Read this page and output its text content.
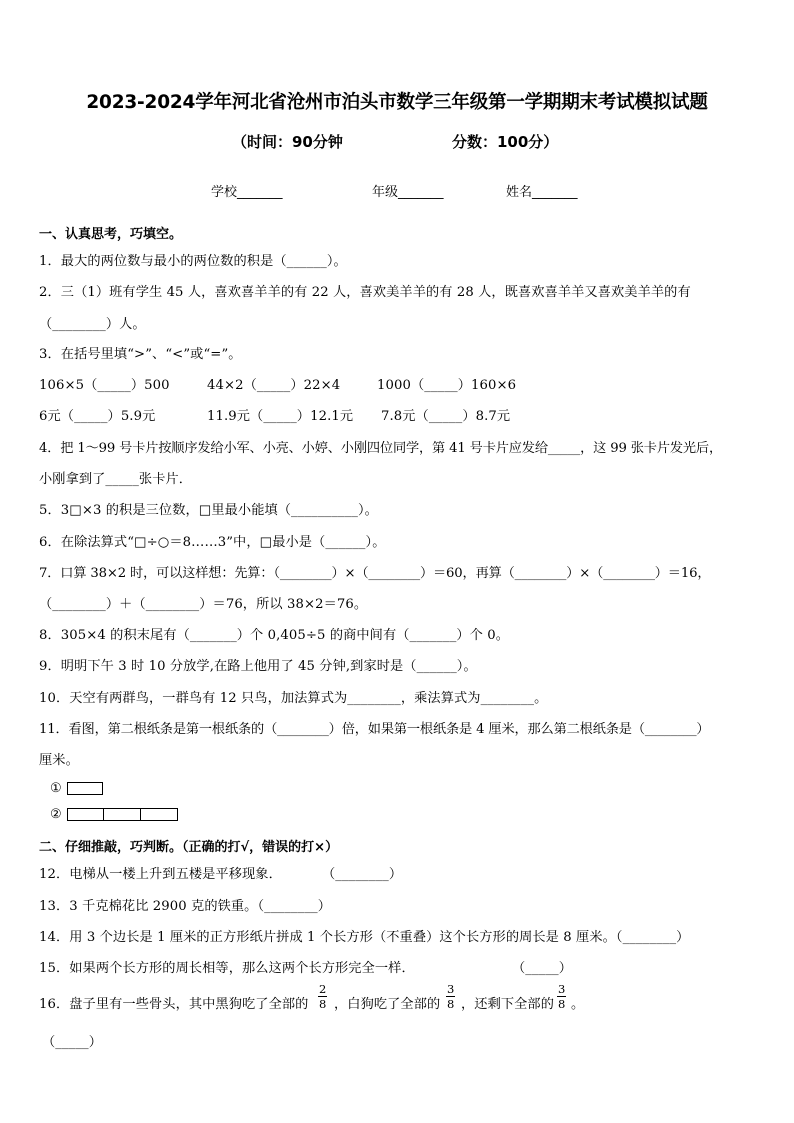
2023-2024学年河北省沧州市泊头市数学三年级第一学期期末考试模拟试题
（时间：90分钟	分数：100分）
学校_______	年级_______	姓名_______
一、认真思考，巧填空。
1．最大的两位数与最小的两位数的积是（______）。
2．三（1）班有学生 45 人，喜欢喜羊羊的有 22 人，喜欢美羊羊的有 28 人，既喜欢喜羊羊又喜欢美羊羊的有
（________）人。
3．在括号里填“>”、“<”或“=”。
106×5（_____）500	44×2（_____）22×4	1000（_____）160×6
6元（_____）5.9元	11.9元（_____）12.1元 7.8元（_____）8.7元
4．把 1～99 号卡片按顺序发给小军、小亮、小婷、小刚四位同学，第 41 号卡片应发给_____，这 99 张卡片发光后，
小刚拿到了_____张卡片．
5．3□×3 的积是三位数，□里最小能填（__________）。
6．在除法算式“□÷○＝8……3”中，□最小是（______）。
7．口算 38×2 时，可以这样想：先算：（________）×（________）＝60，再算（________）×（________）＝16，
（________）＋（________）＝76，所以 38×2＝76。
8．305×4 的积末尾有（_______）个 0,405÷5 的商中间有（_______）个 0。
9．明明下午 3 时 10 分放学,在路上他用了 45 分钟,到家时是（______）。
10．天空有两群鸟，一群鸟有 12 只鸟，加法算式为________，乘法算式为________。
11．看图，第二根纸条是第一根纸条的（________）倍，如果第一根纸条是 4 厘米，那么第二根纸条是（________）
厘米。
①
②
二、仔细推敲，巧判断。（正确的打√，错误的打×）
12．电梯从一楼上升到五楼是平移现象．	（________）
13．3 千克棉花比 2900 克的铁重。（________）
14．用 3 个边长是 1 厘米的正方形纸片拼成 1 个长方形（不重叠）这个长方形的周长是 8 厘米。（________）
15．如果两个长方形的周长相等，那么这两个长方形完全一样．	（_____）
16．盘子里有一些骨头，其中黑狗吃了全部的
2
8 ，白狗吃了全部的
3
8 ，还剩下全部的
3
8 。
（_____）
